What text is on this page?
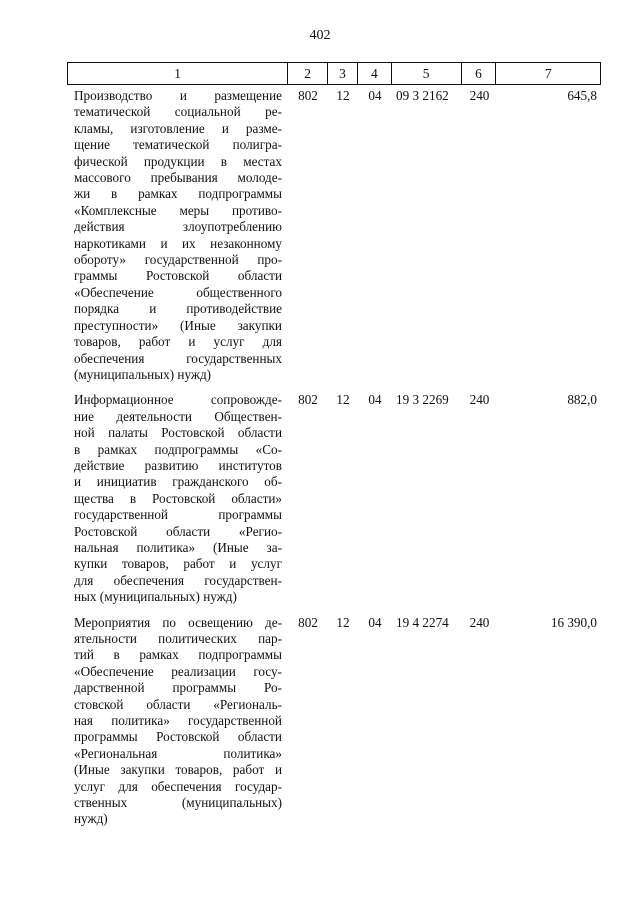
402
1	2	3	4	5	6	7
Производство и размещение
тематической социальной ре-
кламы, изготовление и разме-
щение тематической полигра-
фической продукции в местах
массового пребывания молоде-
жи в рамках подпрограммы
«Комплексные меры противо-
действия злоупотреблению
наркотиками и их незаконному
обороту» государственной про-
граммы Ростовской области
«Обеспечение общественного
порядка и противодействие
преступности» (Иные закупки
товаров, работ и услуг для
обеспечения государственных
(муниципальных) нужд)
802	12	04	09 3 2162	240	645,8
Информационное сопровожде-
ние деятельности Обществен-
ной палаты Ростовской области
в рамках подпрограммы «Со-
действие развитию институтов
и инициатив гражданского об-
щества в Ростовской области»
государственной программы
Ростовской области «Регио-
нальная политика» (Иные за-
купки товаров, работ и услуг
для обеспечения государствен-
ных (муниципальных) нужд)
802	12	04	19 3 2269	240	882,0
Мероприятия по освещению де-
ятельности политических пар-
тий в рамках подпрограммы
«Обеспечение реализации госу-
дарственной программы Ро-
стовской области «Региональ-
ная политика» государственной
программы Ростовской области
«Региональная политика»
(Иные закупки товаров, работ и
услуг для обеспечения государ-
ственных (муниципальных)
нужд)
802	12	04	19 4 2274	240	16 390,0
